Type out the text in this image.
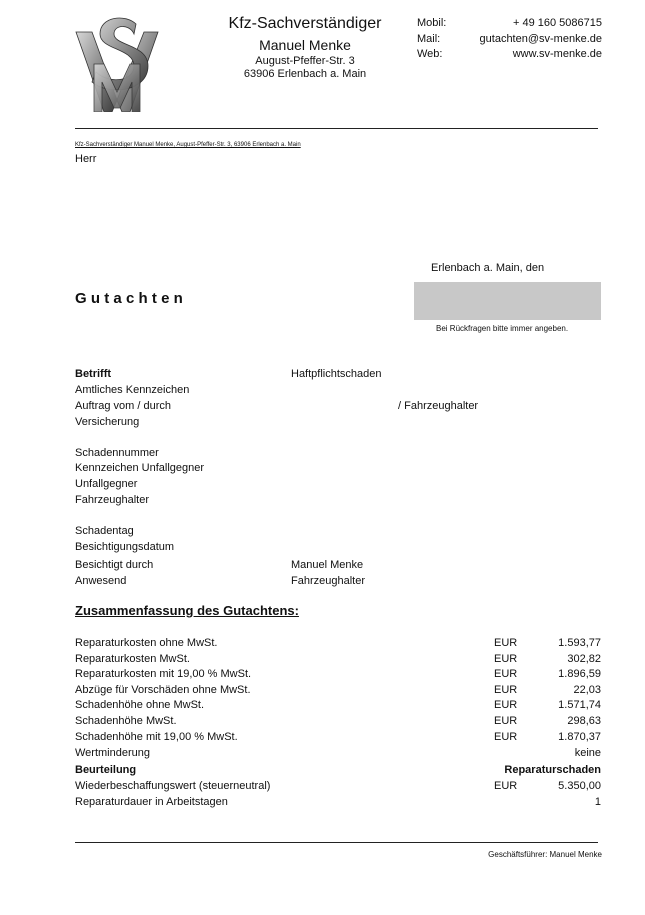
Kfz-Sachverständiger
Manuel Menke
August-Pfeffer-Str. 3
63906 Erlenbach a. Main
Mobil:	+ 49 160 5086715
Mail:	gutachten@sv-menke.de
Web:	www.sv-menke.de
Kfz-Sachverständiger Manuel Menke, August-Pfeffer-Str. 3, 63906 Erlenbach a. Main
Herr
Erlenbach a. Main, den
Gutachten
Bei Rückfragen bitte immer angeben.
Betrifft	Haftpflichtschaden
Amtliches Kennzeichen
Auftrag vom / durch	/ Fahrzeughalter
Versicherung
Schadennummer
Kennzeichen Unfallgegner
Unfallgegner
Fahrzeughalter
Schadentag
Besichtigungsdatum
Besichtigt durch	Manuel Menke
Anwesend	Fahrzeughalter
Zusammenfassung des Gutachtens:
Reparaturkosten ohne MwSt.	EUR	1.593,77
Reparaturkosten MwSt.	EUR	302,82
Reparaturkosten mit 19,00 % MwSt.	EUR	1.896,59
Abzüge für Vorschäden ohne MwSt.	EUR	22,03
Schadenhöhe ohne MwSt.	EUR	1.571,74
Schadenhöhe MwSt.	EUR	298,63
Schadenhöhe mit 19,00 % MwSt.	EUR	1.870,37
Wertminderung	keine
Beurteilung	Reparaturschaden
Wiederbeschaffungswert (steuerneutral)	EUR	5.350,00
Reparaturdauer in Arbeitstagen	1
Geschäftsführer: Manuel Menke
